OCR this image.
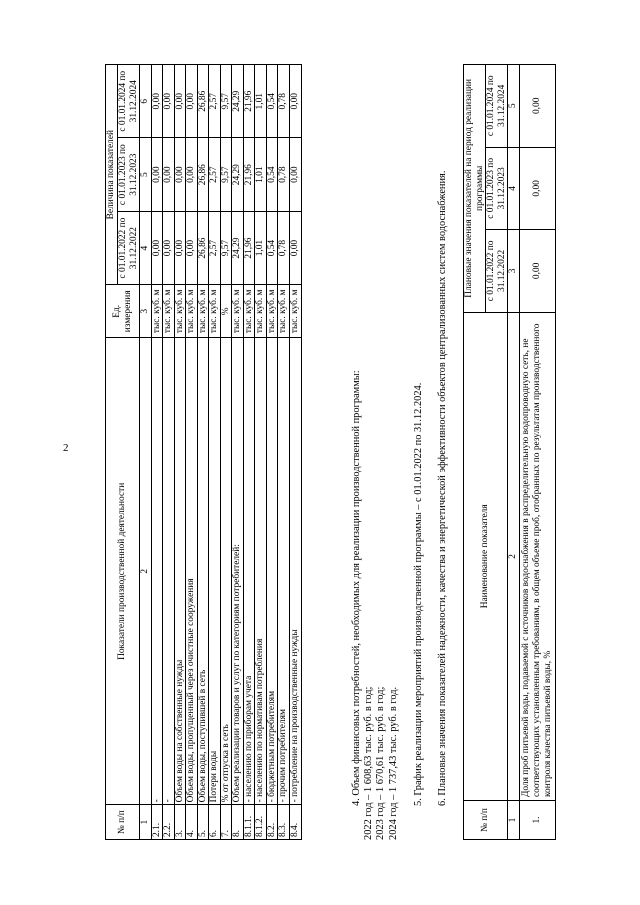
2
№ п/п	Показатели производственной деятельности	Ед. измерения	Величина показателей		
			с 01.01.2022 по 31.12.2022	с 01.01.2023 по 31.12.2023	с 01.01.2024 по 31.12.2024
1	2	3	4	5	6
2.1.	-	тыс. куб. м	0,00	0,00	0,00
2.2.	-	тыс. куб. м	0,00	0,00	0,00
3.	Объем воды на собственные нужды	тыс. куб. м	0,00	0,00	0,00
4.	Объем воды, пропущенный через очистные сооружения	тыс. куб. м	0,00	0,00	0,00
5.	Объем воды, поступившей в сеть	тыс. куб. м	26,86	26,86	26,86
6.	Потери воды	тыс. куб. м	2,57	2,57	2,57
7.	% от отпуска в сеть	%	9,57	9,57	9,57
8.	Объем реализации товаров и услуг по категориям потребителей:	тыс. куб. м	24,29	24,29	24,29
8.1.1.	- населению по приборам учета	тыс. куб. м	21,96	21,96	21,96
8.1.2.	- населению по нормативам потребления	тыс. куб. м	1,01	1,01	1,01
8.2.	- бюджетным потребителям	тыс. куб. м	0,54	0,54	0,54
8.3.	- прочим потребителям	тыс. куб. м	0,78	0,78	0,78
8.4.	- потребление на производственные нужды	тыс. куб. м	0,00	0,00	0,00

4. Объем финансовых потребностей, необходимых для реализации производственной программы: 2022 год – 1 608,63 тыс. руб. в год; 2023 год – 1 670,61 тыс. руб. в год; 2024 год – 1 737,43 тыс. руб. в год. 5. График реализации мероприятий производственной программы – с 01.01.2022 по 31.12.2024. 6. Плановые значения показателей надежности, качества и энергетической эффективности объектов централизованных систем водоснабжения.
№ п/п	Наименование показателя	Плановые значения показателей на период реализации программы		
		с 01.01.2022 по 31.12.2022	с 01.01.2023 по 31.12.2023	с 01.01.2024 по 31.12.2024
1	2	3	4	5
1.	Доля проб питьевой воды, подаваемой с источников водоснабжения в распределительную водопроводную сеть, не соответствующих установленным требованиям, в общем объеме проб, отобранных по результатам производственного контроля качества питьевой воды, %	0,00	0,00	0,00
